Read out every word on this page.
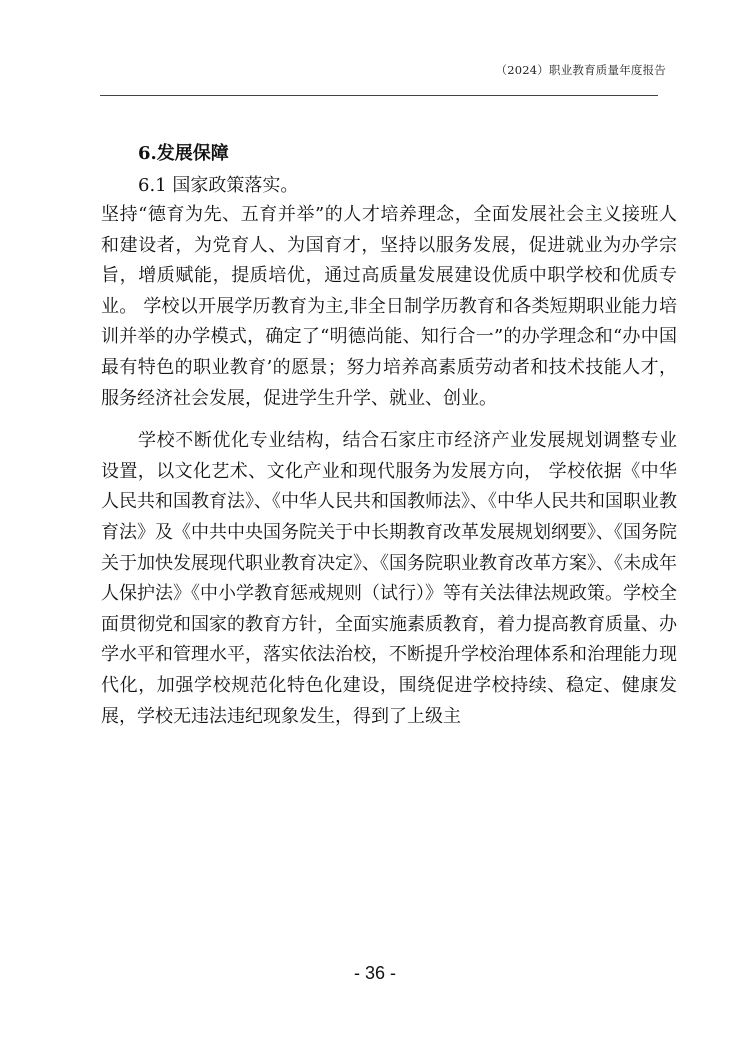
（2024）职业教育质量年度报告

6.发展保障

6.1 国家政策落实。

坚持“德育为先、五育并举”的人才培养理念，全面发展社会主义接班人和建设者，为党育人、为国育才，坚持以服务发展，促进就业为办学宗旨，增质赋能，提质培优，通过高质量发展建设优质中职学校和优质专业。 学校以开展学历教育为主,非全日制学历教育和各类短期职业能力培训并举的办学模式，确定了“明德尚能、知行合一”的办学理念和“办中国最有特色的职业教育’的愿景；努力培养高素质劳动者和技术技能人才，服务经济社会发展，促进学生升学、就业、创业。

学校不断优化专业结构，结合石家庄市经济产业发展规划调整专业设置，以文化艺术、文化产业和现代服务为发展方向， 学校依据《中华人民共和国教育法》、《中华人民共和国教师法》、《中华人民共和国职业教育法》及《中共中央国务院关于中长期教育改革发展规划纲要》、《国务院关于加快发展现代职业教育决定》、《国务院职业教育改革方案》、《未成年人保护法》《中小学教育惩戒规则（试行）》等有关法律法规政策。学校全面贯彻党和国家的教育方针，全面实施素质教育，着力提高教育质量、办学水平和管理水平，落实依法治校，不断提升学校治理体系和治理能力现代化，加强学校规范化特色化建设，围绕促进学校持续、稳定、健康发展，学校无违法违纪现象发生，得到了上级主

- 36 -
